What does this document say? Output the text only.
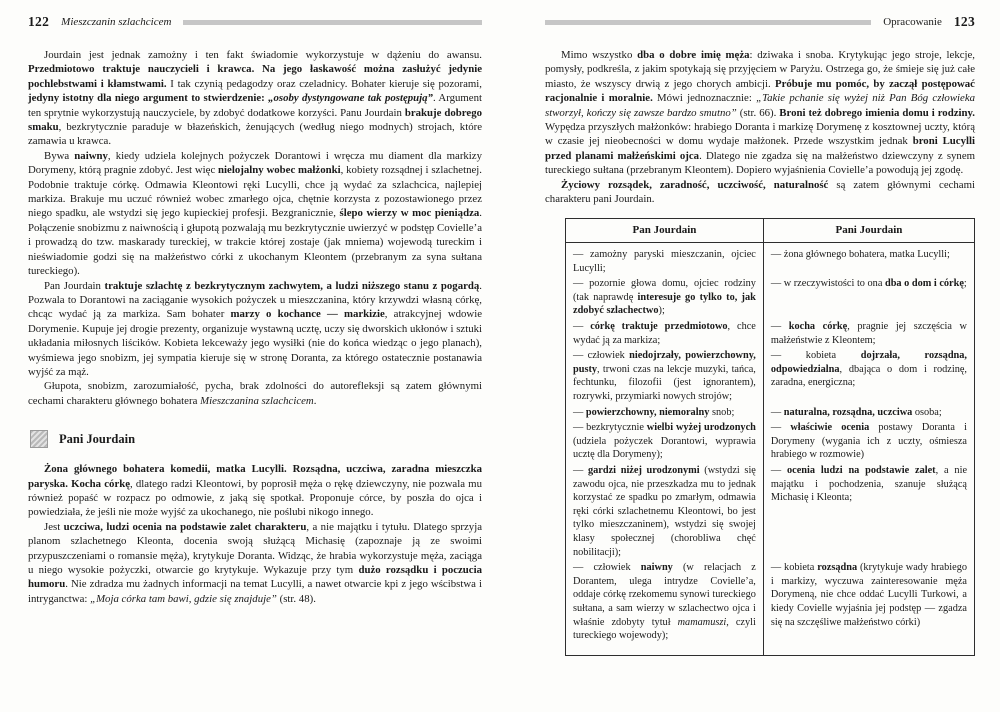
122 Mieszczanin szlachcicem

Jourdain jest jednak zamożny i ten fakt świadomie wykorzystuje w dążeniu do awansu. Przedmiotowo traktuje nauczycieli i krawca. Na jego łaskawość można zasłużyć jedynie pochlebstwami i kłamstwami. I tak czynią pedagodzy oraz czeladnicy. Bohater kieruje się pozorami, jedyny istotny dla niego argument to stwierdzenie: „osoby dystyngowane tak postępują”. Argument ten sprytnie wykorzystują nauczyciele, by zdobyć dodatkowe korzyści. Panu Jourdain brakuje dobrego smaku, bezkrytycznie paraduje w błazeńskich, żenujących (według niego modnych) strojach, które zamawia u krawca.

Bywa naiwny, kiedy udziela kolejnych pożyczek Dorantowi i wręcza mu diament dla markizy Dorymeny, którą pragnie zdobyć. Jest więc nielojalny wobec małżonki, kobiety rozsądnej i szlachetnej. Podobnie traktuje córkę. Odmawia Kleontowi ręki Lucylli, chce ją wydać za szlachcica, najlepiej markiza. Brakuje mu uczuć również wobec zmarłego ojca, chętnie korzysta z pozostawionego przez niego spadku, ale wstydzi się jego kupieckiej profesji. Bezgranicznie, ślepo wierzy w moc pieniądza. Połączenie snobizmu z naiwnością i głupotą pozwalają mu bezkrytycznie uwierzyć w podstęp Covielle’a i prowadzą do tzw. maskarady tureckiej, w trakcie której zostaje (jak mniema) wojewodą tureckim i nieświadomie godzi się na małżeństwo córki z ukochanym Kleontem (przebranym za syna sułtana tureckiego).

Pan Jourdain traktuje szlachtę z bezkrytycznym zachwytem, a ludzi niższego stanu z pogardą. Pozwala to Dorantowi na zaciąganie wysokich pożyczek u mieszczanina, który krzywdzi własną córkę, chcąc wydać ją za markiza. Sam bohater marzy o kochance — markizie, atrakcyjnej wdowie Dorymenie. Kupuje jej drogie prezenty, organizuje wystawną ucztę, uczy się dworskich ukłonów i sztuki układania miłosnych liścików. Kobieta lekceważy jego wysiłki (nie do końca wiedząc o jego planach), wyśmiewa jego snobizm, jej sympatia kieruje się w stronę Doranta, za którego ostatecznie postanawia wyjść za mąż.

Głupota, snobizm, zarozumiałość, pycha, brak zdolności do autorefleksji są zatem głównymi cechami charakteru głównego bohatera Mieszczanina szlachcicem.

Pani Jourdain

Żona głównego bohatera komedii, matka Lucylli. Rozsądna, uczciwa, zaradna mieszczka paryska. Kocha córkę, dlatego radzi Kleontowi, by poprosił męża o rękę dziewczyny, nie pozwala mu również popaść w rozpacz po odmowie, z jaką się spotkał. Proponuje córce, by poszła do ojca i powiedziała, że jeśli nie może wyjść za ukochanego, nie poślubi nikogo innego.

Jest uczciwa, ludzi ocenia na podstawie zalet charakteru, a nie majątku i tytułu. Dlatego sprzyja planom szlachetnego Kleonta, docenia swoją służącą Michasię (zapoznaje ją ze swoimi przypuszczeniami o romansie męża), krytykuje Doranta. Widząc, że hrabia wykorzystuje męża, zaciąga u niego wysokie pożyczki, otwarcie go krytykuje. Wykazuje przy tym dużo rozsądku i poczucia humoru. Nie zdradza mu żadnych informacji na temat Lucylli, a nawet otwarcie kpi z jego wścibstwa i intryganctwa: „Moja córka tam bawi, gdzie się znajduje” (str. 48).

Opracowanie 123

Mimo wszystko dba o dobre imię męża: dziwaka i snoba. Krytykując jego stroje, lekcje, pomysły, podkreśla, z jakim spotykają się przyjęciem w Paryżu. Ostrzega go, że śmieje się już całe miasto, że wszyscy drwią z jego chorych ambicji. Próbuje mu pomóc, by zaczął postępować racjonalnie i moralnie. Mówi jednoznacznie: „Takie pchanie się wyżej niż Pan Bóg człowieka stworzył, kończy się zawsze bardzo smutno” (str. 66). Broni też dobrego imienia domu i rodziny. Wypędza przyszłych małżonków: hrabiego Doranta i markizę Dorymenę z kosztownej uczty, którą w czasie jej nieobecności w domu wydaje małżonek. Przede wszystkim jednak broni Lucylli przed planami małżeńskimi ojca. Dlatego nie zgadza się na małżeństwo dziewczyny z synem tureckiego sułtana (przebranym Kleontem). Dopiero wyjaśnienia Covielle’a powodują jej zgodę.

Życiowy rozsądek, zaradność, uczciwość, naturalność są zatem głównymi cechami charakteru pani Jourdain.

Pan Jourdain	Pani Jourdain
— zamożny paryski mieszczanin, ojciec Lucylli;
— żona głównego bohatera, matka Lucylli;
— pozornie głowa domu, ojciec rodziny (tak naprawdę interesuje go tylko to, jak zdobyć szlachectwo);
— w rzeczywistości to ona dba o dom i córkę;
— córkę traktuje przedmiotowo, chce wydać ją za markiza;
— kocha córkę, pragnie jej szczęścia w małżeństwie z Kleontem;
— człowiek niedojrzały, powierzchowny, pusty, trwoni czas na lekcje muzyki, tańca, fechtunku, filozofii (jest ignorantem), rozrywki, przymiarki nowych strojów;
— kobieta dojrzała, rozsądna, odpowiedzialna, dbająca o dom i rodzinę, zaradna, energiczna;
— powierzchowny, niemoralny snob;	— naturalna, rozsądna, uczciwa osoba;
— bezkrytycznie wielbi wyżej urodzonych (udziela pożyczek Dorantowi, wyprawia ucztę dla Dorymeny);
— właściwie ocenia postawy Doranta i Dorymeny (wygania ich z uczty, ośmiesza hrabiego w rozmowie)
— gardzi niżej urodzonymi (wstydzi się zawodu ojca, nie przeszkadza mu to jednak korzystać ze spadku po zmarłym, odmawia ręki córki szlachetnemu Kleontowi, bo jest tylko mieszczaninem), wstydzi się swojej klasy społecznej (chorobliwa chęć nobilitacji);
— ocenia ludzi na podstawie zalet, a nie majątku i pochodzenia, szanuje służącą Michasię i Kleonta;
— człowiek naiwny (w relacjach z Dorantem, ulega intrydze Covielle’a, oddaje córkę rzekomemu synowi tureckiego sułtana, a sam wierzy w szlachectwo ojca i właśnie zdobyty tytuł mamamuszi, czyli tureckiego wojewody);
— kobieta rozsądna (krytykuje wady hrabiego i markizy, wyczuwa zainteresowanie męża Dorymeną, nie chce oddać Lucylli Turkowi, a kiedy Covielle wyjaśnia jej podstęp — zgadza się na szczęśliwe małżeństwo córki)
